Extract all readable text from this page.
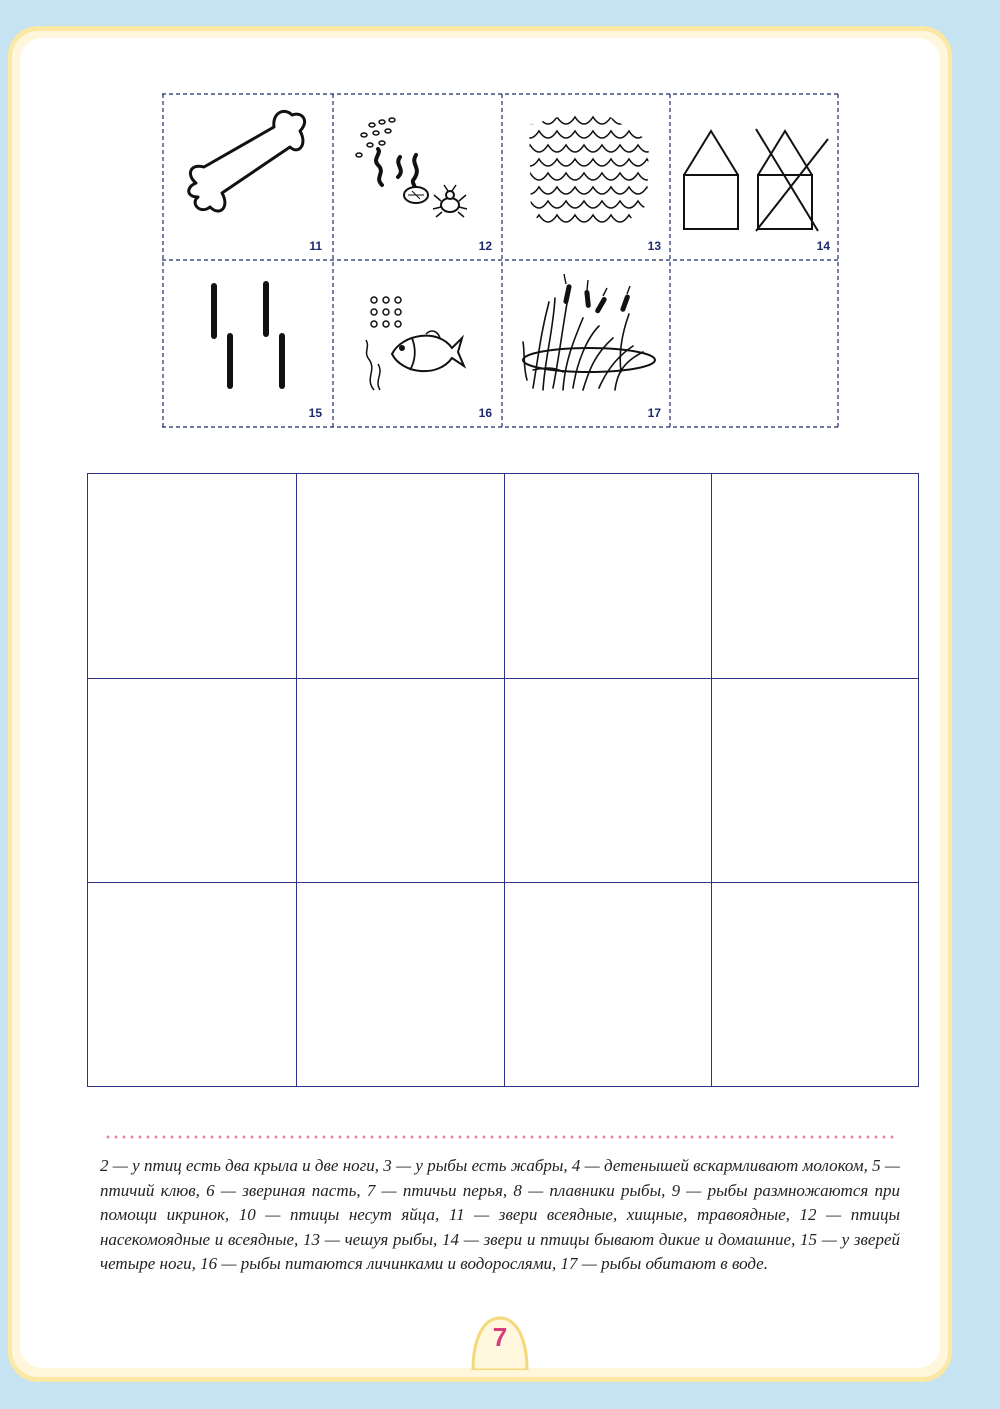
11	12	13	14
15	16	17

2 — у птиц есть два крыла и две ноги, 3 — у рыбы есть жабры, 4 — детенышей вскармливают молоком, 5 — птичий клюв, 6 — звериная пасть, 7 — птичьи перья, 8 — плавники рыбы, 9 — рыбы размножаются при помощи икринок, 10 — птицы несут яйца, 11 — звери всеядные, хищные, травоядные, 12 — птицы насекомоядные и всеядные, 13 — чешуя рыбы, 14 — звери и птицы бывают дикие и домашние, 15 — у зверей четыре ноги, 16 — рыбы питаются личинками и водорослями, 17 — рыбы обитают в воде.

7
